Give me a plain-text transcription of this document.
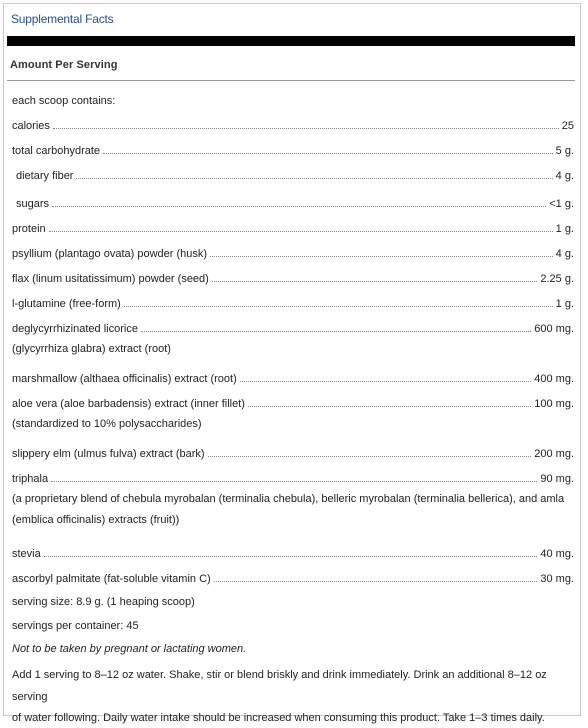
Supplemental Facts
Amount Per Serving
each scoop contains:
calories	25
total carbohydrate	5 g.
dietary fiber	4 g.
sugars	<1 g.
protein	1 g.
psyllium (plantago ovata) powder (husk)	4 g.
flax (linum usitatissimum) powder (seed)	2.25 g.
l-glutamine (free-form)	1 g.
deglycyrrhizinated licorice	600 mg.
(glycyrrhiza glabra) extract (root)
marshmallow (althaea officinalis) extract (root)	400 mg.
aloe vera (aloe barbadensis) extract (inner fillet)	100 mg.
(standardized to 10% polysaccharides)
slippery elm (ulmus fulva) extract (bark)	200 mg.
triphala	90 mg.
(a proprietary blend of chebula myrobalan (terminalia chebula), belleric myrobalan (terminalia bellerica), and amla
(emblica officinalis) extracts (fruit))
stevia	40 mg.
ascorbyl palmitate (fat-soluble vitamin C)	30 mg.
serving size: 8.9 g. (1 heaping scoop)
servings per container: 45
Not to be taken by pregnant or lactating women.
Add 1 serving to 8–12 oz water. Shake, stir or blend briskly and drink immediately. Drink an additional 8–12 oz serving
of water following. Daily water intake should be increased when consuming this product. Take 1–3 times daily.
